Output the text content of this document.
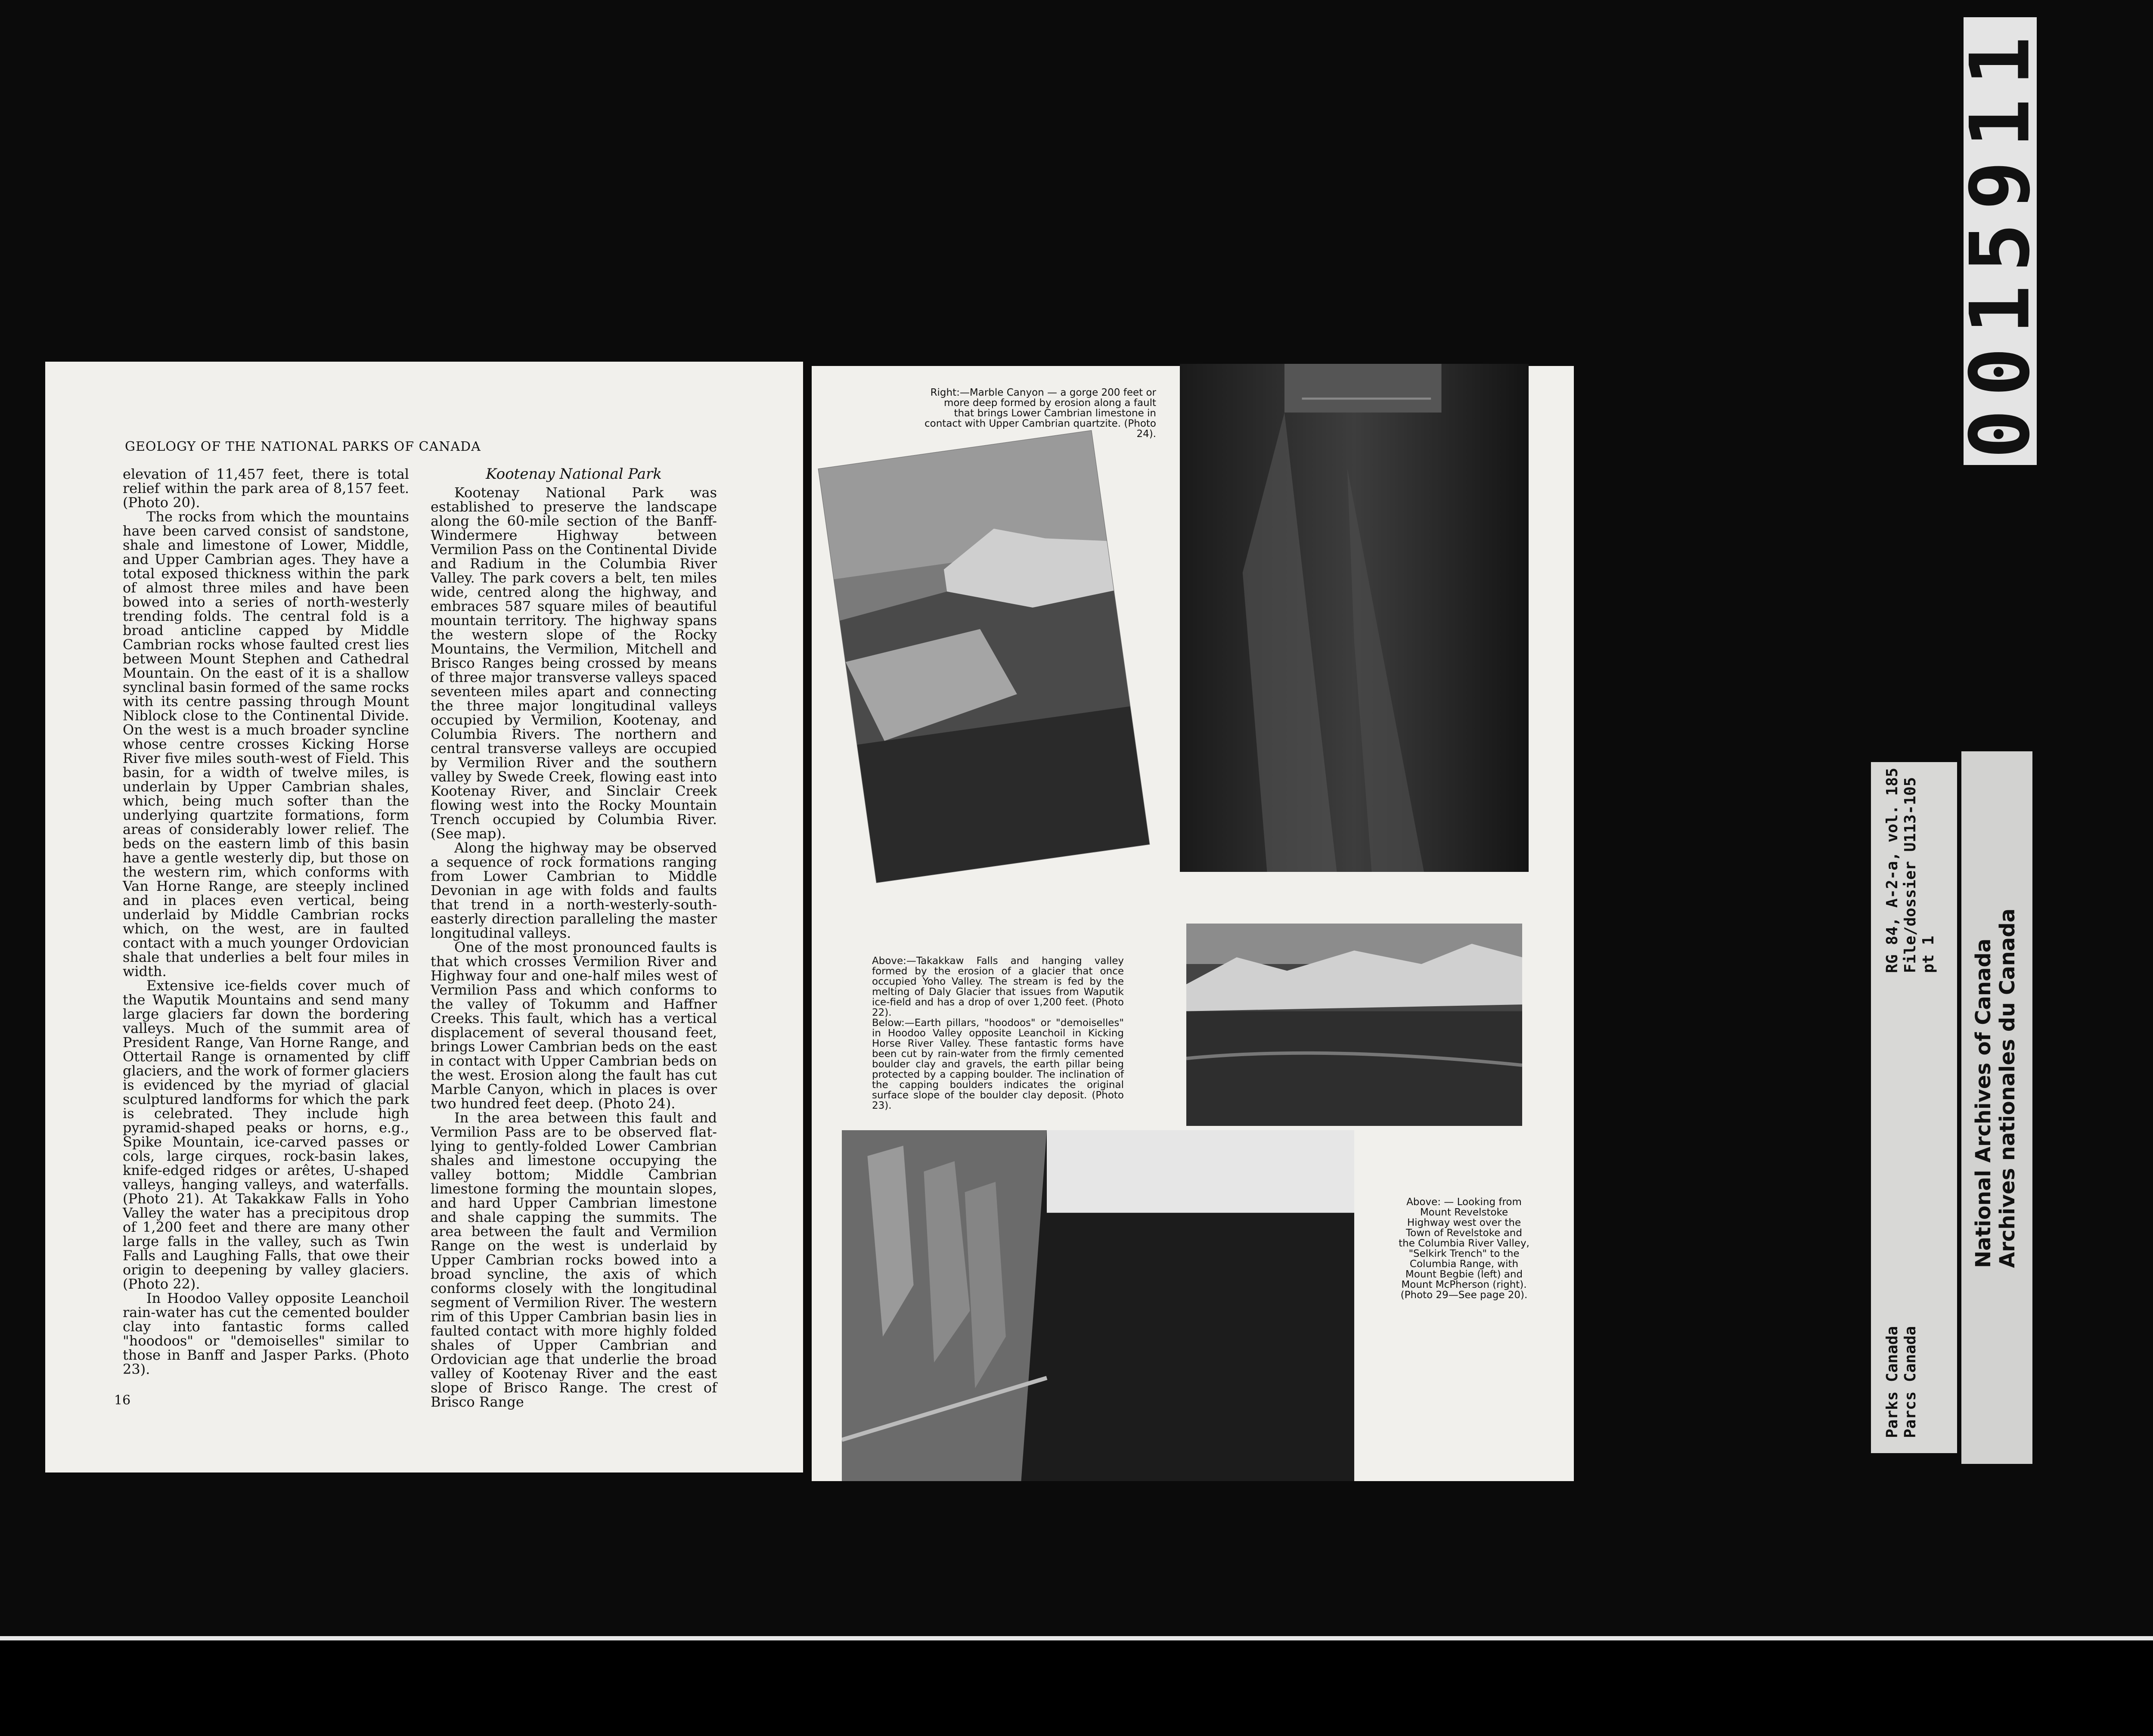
GEOLOGY OF THE NATIONAL PARKS OF CANADA

elevation of 11,457 feet, there is total relief within the park area of 8,157 feet. (Photo 20).

The rocks from which the mountains have been carved consist of sandstone, shale and limestone of Lower, Middle, and Upper Cambrian ages. They have a total exposed thickness within the park of almost three miles and have been bowed into a series of north-westerly trending folds. The central fold is a broad anticline capped by Middle Cambrian rocks whose faulted crest lies between Mount Stephen and Cathedral Mountain. On the east of it is a shallow synclinal basin formed of the same rocks with its centre passing through Mount Niblock close to the Continental Divide. On the west is a much broader syncline whose centre crosses Kicking Horse River five miles south-west of Field. This basin, for a width of twelve miles, is underlain by Upper Cambrian shales, which, being much softer than the underlying quartzite formations, form areas of considerably lower relief. The beds on the eastern limb of this basin have a gentle westerly dip, but those on the western rim, which conforms with Van Horne Range, are steeply inclined and in places even vertical, being underlaid by Middle Cambrian rocks which, on the west, are in faulted contact with a much younger Ordovician shale that underlies a belt four miles in width.

Extensive ice-fields cover much of the Waputik Mountains and send many large glaciers far down the bordering valleys. Much of the summit area of President Range, Van Horne Range, and Ottertail Range is ornamented by cliff glaciers, and the work of former glaciers is evidenced by the myriad of glacial sculptured landforms for which the park is celebrated. They include high pyramid-shaped peaks or horns, e.g., Spike Mountain, ice-carved passes or cols, large cirques, rock-basin lakes, knife-edged ridges or arêtes, U-shaped valleys, hanging valleys, and waterfalls. (Photo 21). At Takakkaw Falls in Yoho Valley the water has a precipitous drop of 1,200 feet and there are many other large falls in the valley, such as Twin Falls and Laughing Falls, that owe their origin to deepening by valley glaciers. (Photo 22).

In Hoodoo Valley opposite Leanchoil rain-water has cut the cemented boulder clay into fantastic forms called "hoodoos" or "demoiselles" similar to those in Banff and Jasper Parks. (Photo 23).

Kootenay National Park

Kootenay National Park was established to preserve the landscape along the 60-mile section of the Banff-Windermere Highway between Vermilion Pass on the Continental Divide and Radium in the Columbia River Valley. The park covers a belt, ten miles wide, centred along the highway, and embraces 587 square miles of beautiful mountain territory. The highway spans the western slope of the Rocky Mountains, the Vermilion, Mitchell and Brisco Ranges being crossed by means of three major transverse valleys spaced seventeen miles apart and connecting the three major longitudinal valleys occupied by Vermilion, Kootenay, and Columbia Rivers. The northern and central transverse valleys are occupied by Vermilion River and the southern valley by Swede Creek, flowing east into Kootenay River, and Sinclair Creek flowing west into the Rocky Mountain Trench occupied by Columbia River. (See map).

Along the highway may be observed a sequence of rock formations ranging from Lower Cambrian to Middle Devonian in age with folds and faults that trend in a north-westerly-south-easterly direction paralleling the master longitudinal valleys.

One of the most pronounced faults is that which crosses Vermilion River and Highway four and one-half miles west of Vermilion Pass and which conforms to the valley of Tokumm and Haffner Creeks. This fault, which has a vertical displacement of several thousand feet, brings Lower Cambrian beds on the east in contact with Upper Cambrian beds on the west. Erosion along the fault has cut Marble Canyon, which in places is over two hundred feet deep. (Photo 24).

In the area between this fault and Vermilion Pass are to be observed flat-lying to gently-folded Lower Cambrian shales and limestone occupying the valley bottom; Middle Cambrian limestone forming the mountain slopes, and hard Upper Cambrian limestone and shale capping the summits. The area between the fault and Vermilion Range on the west is underlaid by Upper Cambrian rocks bowed into a broad syncline, the axis of which conforms closely with the longitudinal segment of Vermilion River. The western rim of this Upper Cambrian basin lies in faulted contact with more highly folded shales of Upper Cambrian and Ordovician age that underlie the broad valley of Kootenay River and the east slope of Brisco Range. The crest of Brisco Range

16
Right:—Marble Canyon — a gorge 200 feet or more deep formed by erosion along a fault that brings Lower Cambrian limestone in contact with Upper Cambrian quartzite. (Photo 24).

Above:—Takakkaw Falls and hanging valley formed by the erosion of a glacier that once occupied Yoho Valley. The stream is fed by the melting of Daly Glacier that issues from Waputik ice-field and has a drop of over 1,200 feet. (Photo 22).

Below:—Earth pillars, "hoodoos" or "demoiselles" in Hoodoo Valley opposite Leanchoil in Kicking Horse River Valley. These fantastic forms have been cut by rain-water from the firmly cemented boulder clay and gravels, the earth pillar being protected by a capping boulder. The inclination of the capping boulders indicates the original surface slope of the boulder clay deposit. (Photo 23).

Above: — Looking from Mount Revelstoke Highway west over the Town of Revelstoke and the Columbia River Valley, "Selkirk Trench" to the Columbia Range, with Mount Begbie (left) and Mount McPherson (right). (Photo 29—See page 20).
0015911
Parks Canada Parcs Canada
RG 84, A-2-a, vol. 185 File/dossier U113-105 pt 1 National Archives of Canada Archives nationales du Canada
